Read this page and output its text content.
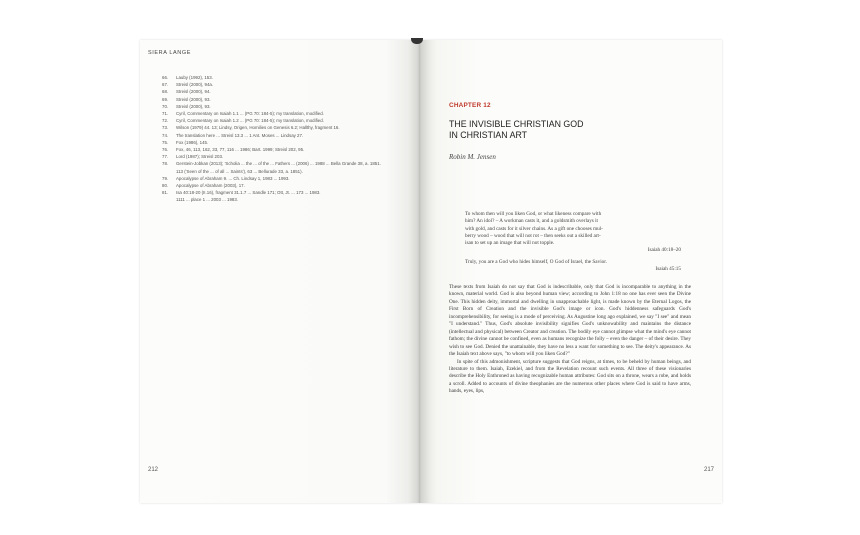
SIERA LANGE
66.	Lauby (1992), 153.
67.	Streisl (2000), 94a.
68.	Streisl (2000), 94.
69.	Streisl (2000), 93.
70.	Streisl (2000), 93.
71.	Cyril, Commentary on Isaiah 1.1 ... (PG 70: 184-5); my translation, modified.
72.	Cyril, Commentary on Isaiah 1.2 ... (PG 70: 184-5); my translation, modified.
73.	Wilson (1979) 44. 13; Lindsy, Origen, Homilies on Genesis 6.2; Hallthy, fragment 16.
74.	The translation here ... Streisl 13.3 ... 1 Ant. Moses ... Lindsay 27.
75.	Fox (1986), 145.
76.	Fox, 46, 113, 162, 33, 77, 116 ... 1986; Bart. 1999; Streisl 202, 95.
77.	Lord (1987); Streisl 203.
78.	Gerstein-Jobkan (2013); 'Scholia ... the ... of the ... Fathers ... (2006) ... 1988 ... Bella Grande 38, a. 1851.
113 ('Seen of the ... of all ... Saints'), 63 ... Bellurade 33, a. 1851).
79.	Apocalypse of Abraham 9. ... Ch. Lindsay 1, 1983 ... 1993.
80.	Apocalypse of Abraham (2003), 17.
81.	Isa 40:18-20 (II.16), fragment 31.1.7 ... Sandle 171; Ott, Jt. ... 173 ... 1983.
1111 ... place 1 ... 2003 ... 1983.
212
CHAPTER 12
THE INVISIBLE CHRISTIAN GOD
IN CHRISTIAN ART
Robin M. Jensen

To whom then will you liken God, or what likeness compare with

him? An idol? – A workman casts it, and a goldsmith overlays it

with gold, and casts for it silver chains. As a gift one chooses mul-

berry wood – wood that will not rot – then seeks out a skilled art-

isan to set up an image that will not topple.

Isaiah 40:18–20

Truly, you are a God who hides himself, O God of Israel, the Savior.

Isaiah 45:15

These texts from Isaiah do not say that God is indescribable, only that God is incomparable to anything in the known, material world. God is also beyond human view; according to John 1:18 no one has ever seen the Divine One. This hidden deity, immortal and dwelling in unapproachable light, is made known by the Eternal Logos, the First Born of Creation and the invisible God's image or icon. God's hiddenness safeguards God's incomprehensibility, for seeing is a mode of perceiving. As Augustine long ago explained, we say "I see" and mean "I understand." Thus, God's absolute invisibility signifies God's unknowability and maintains the distance (intellectual and physical) between Creator and creation. The bodily eye cannot glimpse what the mind's eye cannot fathom; the divine cannot be confined, even as humans recognize the folly – even the danger – of their desire. They wish to see God. Denied the unattainable, they have no less a want for something to see. The deity's appearance. As the Isaiah text above says, "to whom will you liken God?"

In spite of this admonishment, scripture suggests that God reigns, at times, to be beheld by human beings, and literature to them. Isaiah, Ezekiel, and from the Revelation recount such events. All three of these visionaries describe the Holy Enthroned as having recognizable human attributes: God sits on a throne, wears a robe, and holds a scroll. Added to accounts of divine theophanies are the numerous other places where God is said to have arms, hands, eyes, lips,

217
